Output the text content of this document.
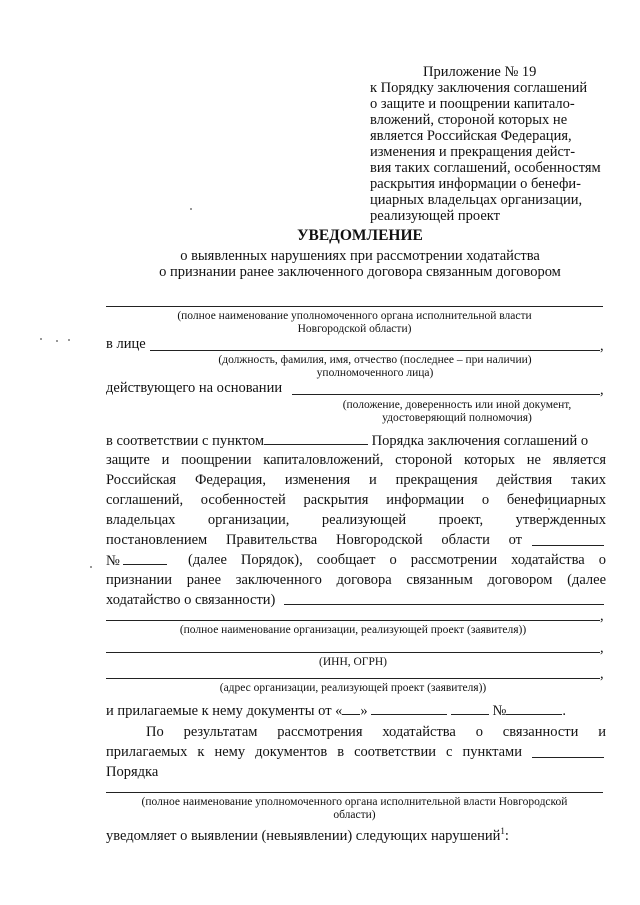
Приложение № 19
к Порядку заключения соглашений
о защите и поощрении капитало-
вложений, стороной которых не
является Российская Федерация,
изменения и прекращения дейст-
вия таких соглашений, особенностям
раскрытия информации о бенефи-
циарных владельцах организации,
реализующей проект
УВЕДОМЛЕНИЕ
о выявленных нарушениях при рассмотрении ходатайства
о признании ранее заключенного договора связанным договором
(полное наименование уполномоченного органа исполнительной власти
Новгородской области)
в лице	,
(должность, фамилия, имя, отчество (последнее – при наличии)
уполномоченного лица)
действующего на основании	,
(положение, доверенность или иной документ,
удостоверяющий полномочия)
в соответствии с пунктом	Порядка заключения соглашений о
защите и поощрении капиталовложений, стороной которых не является
Российская Федерация, изменения и прекращения действия таких
соглашений, особенностей раскрытия информации о бенефициарных
владельцах организации, реализующей проект, утвержденных
постановлением Правительства Новгородской области от
№	(далее Порядок), сообщает о рассмотрении ходатайства о
признании ранее заключенного договора связанным договором (далее
ходатайство о связанности)
,
(полное наименование организации, реализующей проект (заявителя))
,
(ИНН, ОГРН)
,
(адрес организации, реализующей проект (заявителя))
и прилагаемые к нему документы от « »	№	.
По результатам рассмотрения ходатайства о связанности и
прилагаемых к нему документов в соответствии с пунктами
Порядка
(полное наименование уполномоченного органа исполнительной власти Новгородской
области)
уведомляет о выявлении (невыявлении) следующих нарушений$^1$:
